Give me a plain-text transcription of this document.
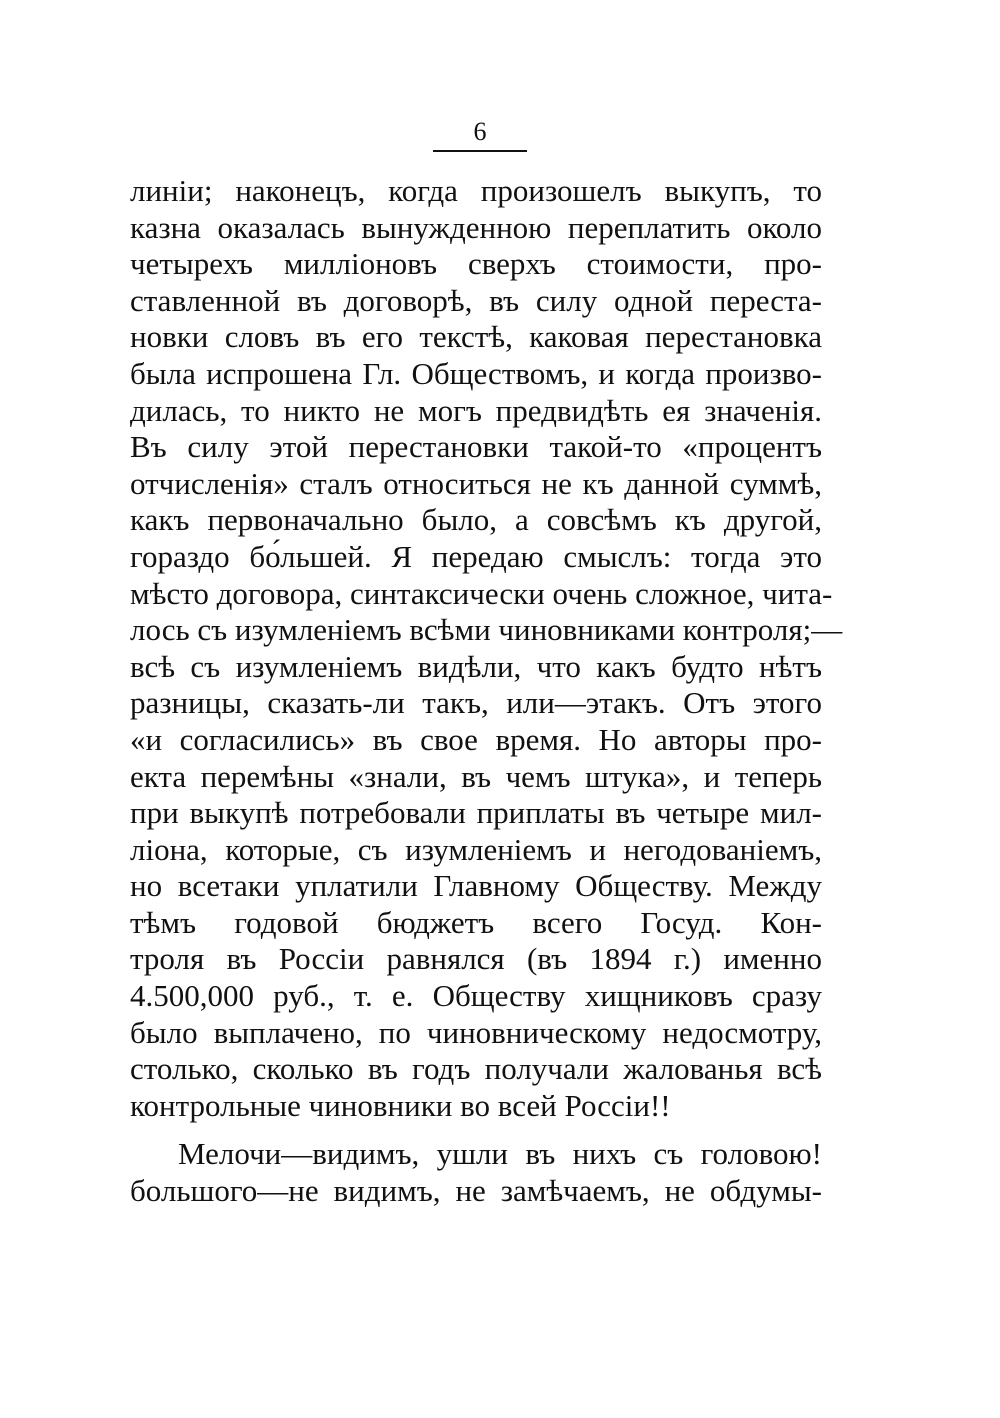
6
линіи; наконецъ, когда произошелъ выкупъ, то
казна оказалась вынужденною переплатить около
четырехъ милліоновъ сверхъ стоимости, про-
ставленной въ договорѣ, въ силу одной переста-
новки словъ въ его текстѣ, каковая перестановка
была испрошена Гл. Обществомъ, и когда произво-
дилась, то никто не могъ предвидѣть ея значенія.
Въ силу этой перестановки такой-то «процентъ
отчисленія» сталъ относиться не къ данной суммѣ,
какъ первоначально было, а совсѣмъ къ другой,
гораздо бо́льшей. Я передаю смыслъ: тогда это
мѣсто договора, синтаксически очень сложное, чита-
лось съ изумленіемъ всѣми чиновниками контроля;—
всѣ съ изумленіемъ видѣли, что какъ будто нѣтъ
разницы, сказать-ли такъ, или—этакъ. Отъ этого
«и согласились» въ свое время. Но авторы про-
екта перемѣны «знали, въ чемъ штука», и теперь
при выкупѣ потребовали приплаты въ четыре мил-
ліона, которые, съ изумленіемъ и негодованіемъ,
но всетаки уплатили Главному Обществу. Между
тѣмъ годовой бюджетъ всего Госуд. Кон-
троля въ Россіи равнялся (въ 1894 г.) именно
4.500,000 руб., т. е. Обществу хищниковъ сразу
было выплачено, по чиновническому недосмотру,
столько, сколько въ годъ получали жалованья всѣ
контрольные чиновники во всей Россіи!!
Мелочи—видимъ, ушли въ нихъ съ головою!
большого—не видимъ, не замѣчаемъ, не обдумы-
